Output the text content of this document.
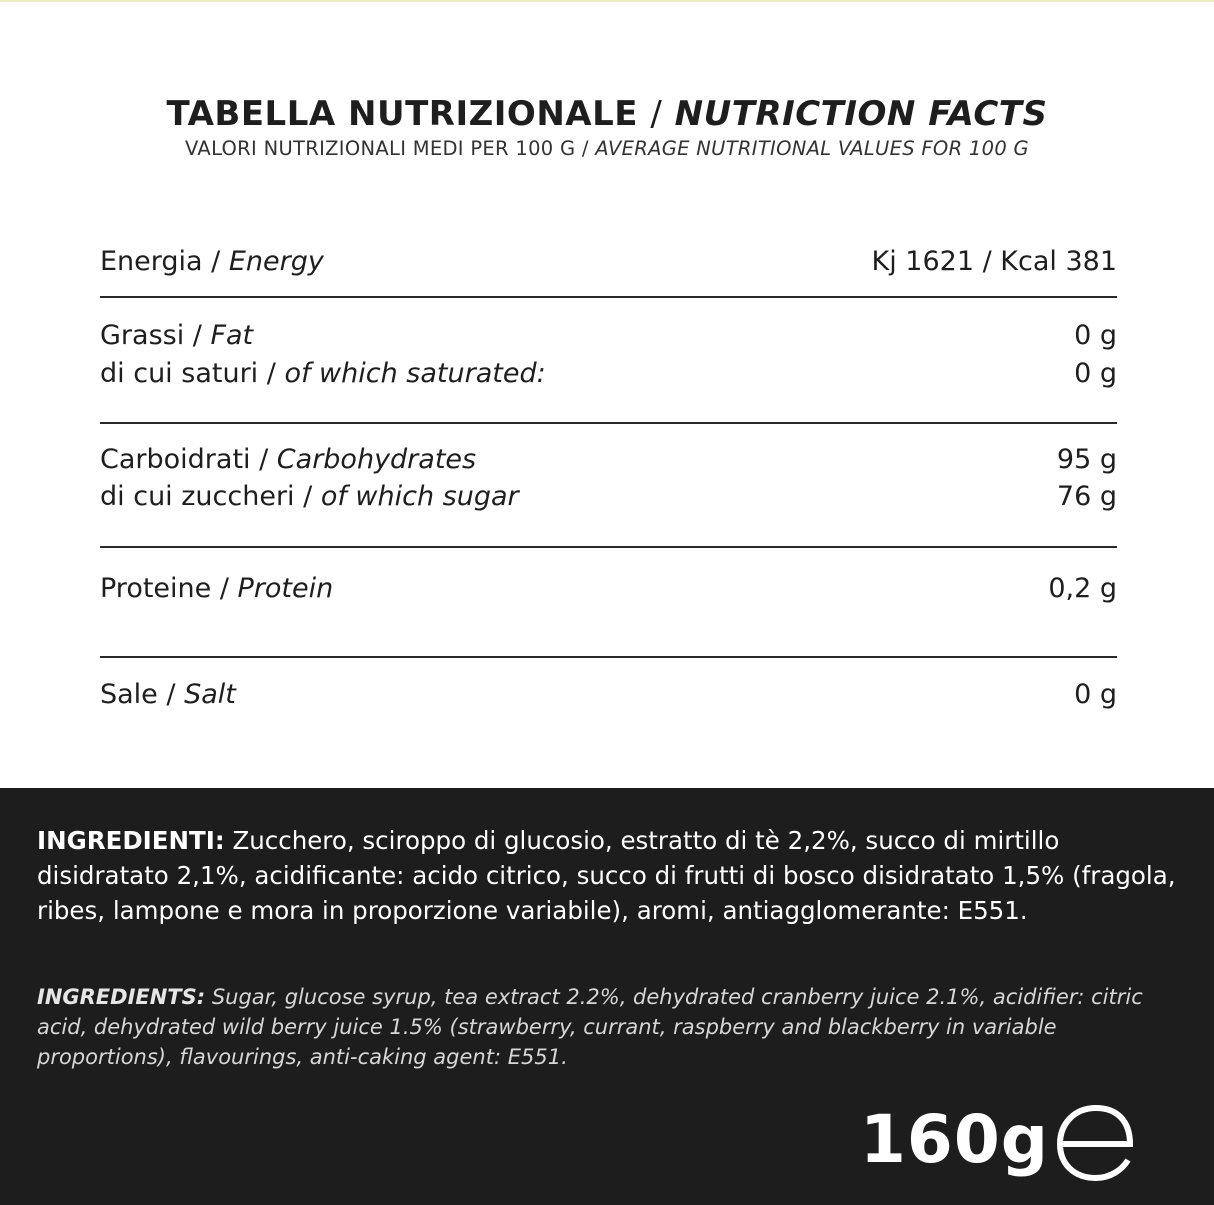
TABELLA NUTRIZIONALE / NUTRICTION FACTS
VALORI NUTRIZIONALI MEDI PER 100 G / AVERAGE NUTRITIONAL VALUES FOR 100 G
Energia / Energy	Kj 1621 / Kcal 381
Grassi / Fat	0 g
di cui saturi / of which saturated:	0 g
Carboidrati / Carbohydrates	95 g
di cui zuccheri / of which sugar	76 g
Proteine / Protein	0,2 g
Sale / Salt	0 g
INGREDIENTI: Zucchero, sciroppo di glucosio, estratto di tè 2,2%, succo di mirtillo disidratato 2,1%, acidificante: acido citrico, succo di frutti di bosco disidratato 1,5% (fragola, ribes, lampone e mora in proporzione variabile), aromi, antiagglomerante: E551.
INGREDIENTS: Sugar, glucose syrup, tea extract 2.2%, dehydrated cranberry juice 2.1%, acidifier: citric acid, dehydrated wild berry juice 1.5% (strawberry, currant, raspberry and blackberry in variable proportions), flavourings, anti-caking agent: E551.
160g
